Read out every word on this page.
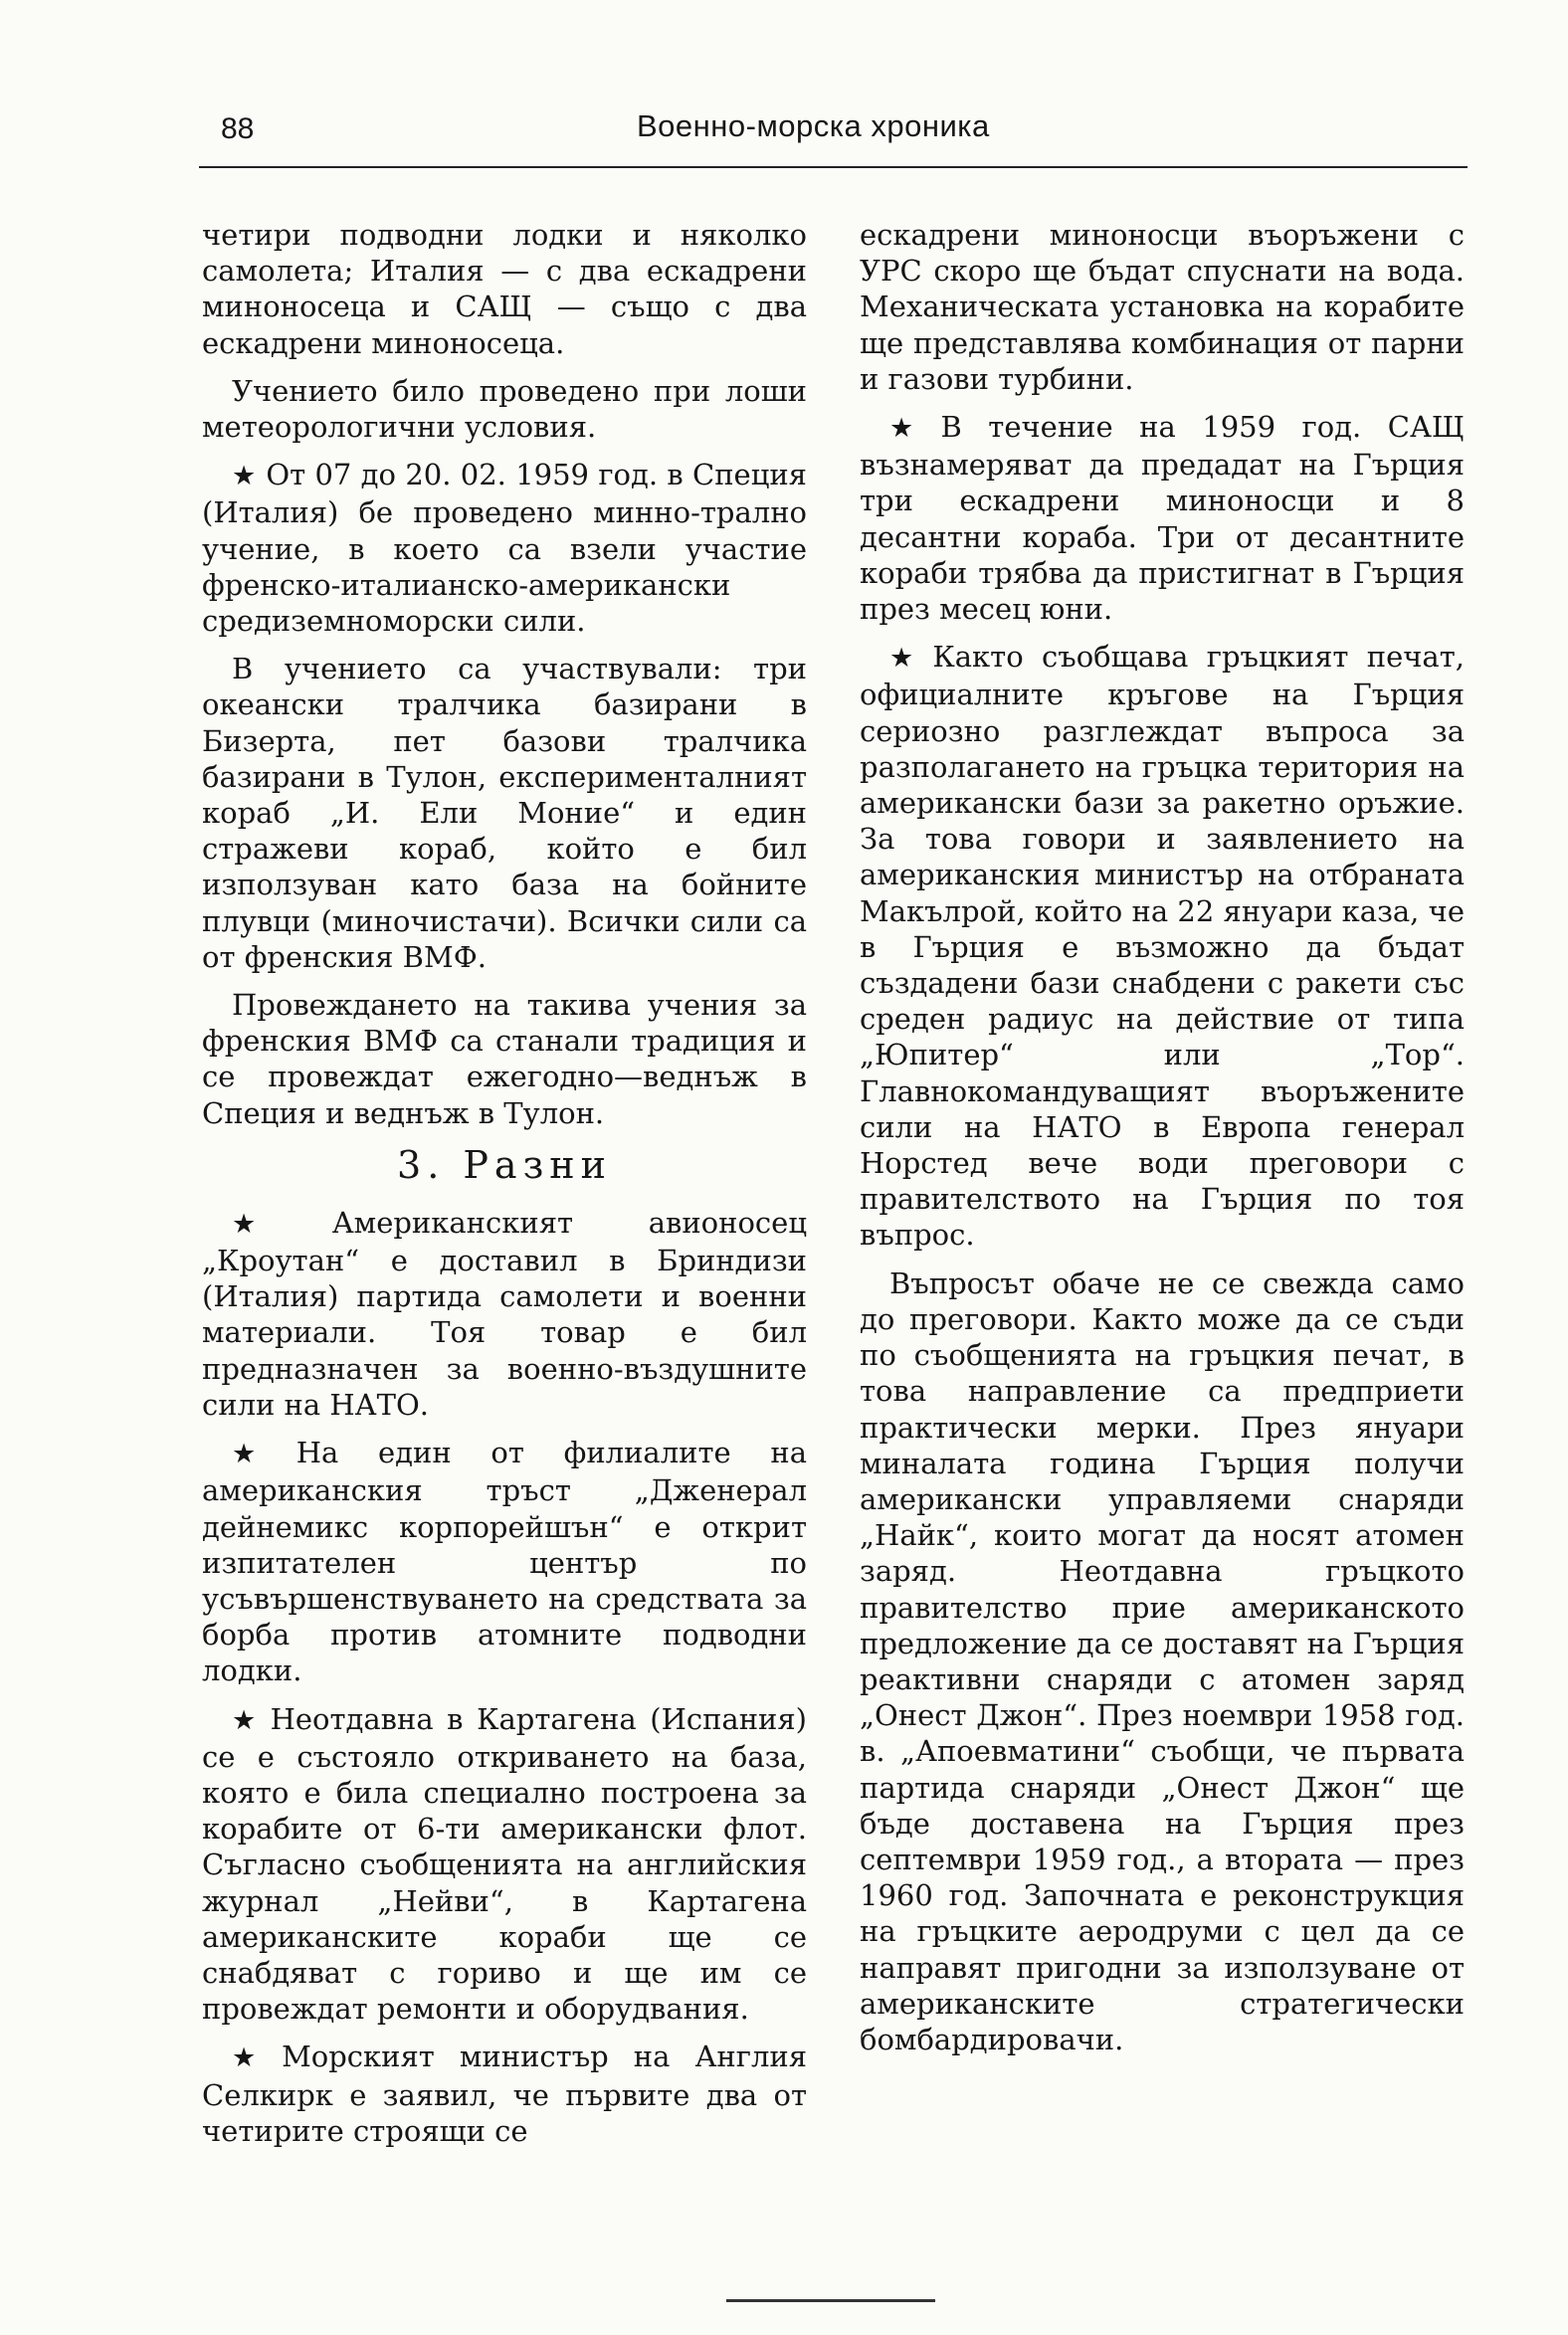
88	Военно-морска хроника

четири подводни лодки и няколко самолета; Италия — с два ескадрени миноносеца и САЩ — също с два ескадрени миноносеца.

Учението било проведено при лоши метеорологични условия.

★ От 07 до 20. 02. 1959 год. в Специя (Италия) бе проведено минно-трално учение, в което са взели участие френско-италианско-американски средиземноморски сили.

В учението са участвували: три океански тралчика базирани в Бизерта, пет базови тралчика базирани в Тулон, експерименталният кораб „И. Ели Моние“ и един стражеви кораб, който е бил използуван като база на бойните плувци (миночистачи). Всички сили са от френския ВМФ.

Провеждането на такива учения за френския ВМФ са станали традиция и се провеждат ежегодно—веднъж в Специя и веднъж в Тулон.

3. Разни

★ Американският авионосец „Кроутан“ е доставил в Бриндизи (Италия) партида самолети и военни материали. Тоя товар е бил предназначен за военно-въздушните сили на НАТО.

★ На един от филиалите на американския тръст „Дженерал дейнемикс корпорейшън“ е открит изпитателен център по усъвършенствуването на средствата за борба против атомните подводни лодки.

★ Неотдавна в Картагена (Испания) се е състояло откриването на база, която е била специално построена за корабите от 6-ти американски флот. Съгласно съобщенията на английския журнал „Нейви“, в Картагена американските кораби ще се снабдяват с гориво и ще им се провеждат ремонти и оборудвания.

★ Морският министър на Англия Селкирк е заявил, че първите два от четирите строящи се

ескадрени миноносци въоръжени с УРС скоро ще бъдат спуснати на вода. Механическата установка на корабите ще представлява комбинация от парни и газови турбини.

★ В течение на 1959 год. САЩ възнамеряват да предадат на Гърция три ескадрени миноносци и 8 десантни кораба. Три от десантните кораби трябва да пристигнат в Гърция през месец юни.

★ Както съобщава гръцкият печат, официалните кръгове на Гърция сериозно разглеждат въпроса за разполагането на гръцка територия на американски бази за ракетно оръжие. За това говори и заявлението на американския министър на отбраната Макълрой, който на 22 януари каза, че в Гърция е възможно да бъдат създадени бази снабдени с ракети със среден радиус на действие от типа „Юпитер“ или „Тор“. Главнокомандуващият въоръжените сили на НАТО в Европа генерал Норстед вече води преговори с правителството на Гърция по тоя въпрос.

Въпросът обаче не се свежда само до преговори. Както може да се съди по съобщенията на гръцкия печат, в това направление са предприети практически мерки. През януари миналата година Гърция получи американски управляеми снаряди „Найк“, които могат да носят атомен заряд. Неотдавна гръцкото правителство прие американското предложение да се доставят на Гърция реактивни снаряди с атомен заряд „Онест Джон“. През ноември 1958 год. в. „Апоевматини“ съобщи, че първата партида снаряди „Онест Джон“ ще бъде доставена на Гърция през септември 1959 год., а втората — през 1960 год. Започната е реконструкция на гръцките аеродруми с цел да се направят пригодни за използуване от американските стратегически бомбардировачи.
